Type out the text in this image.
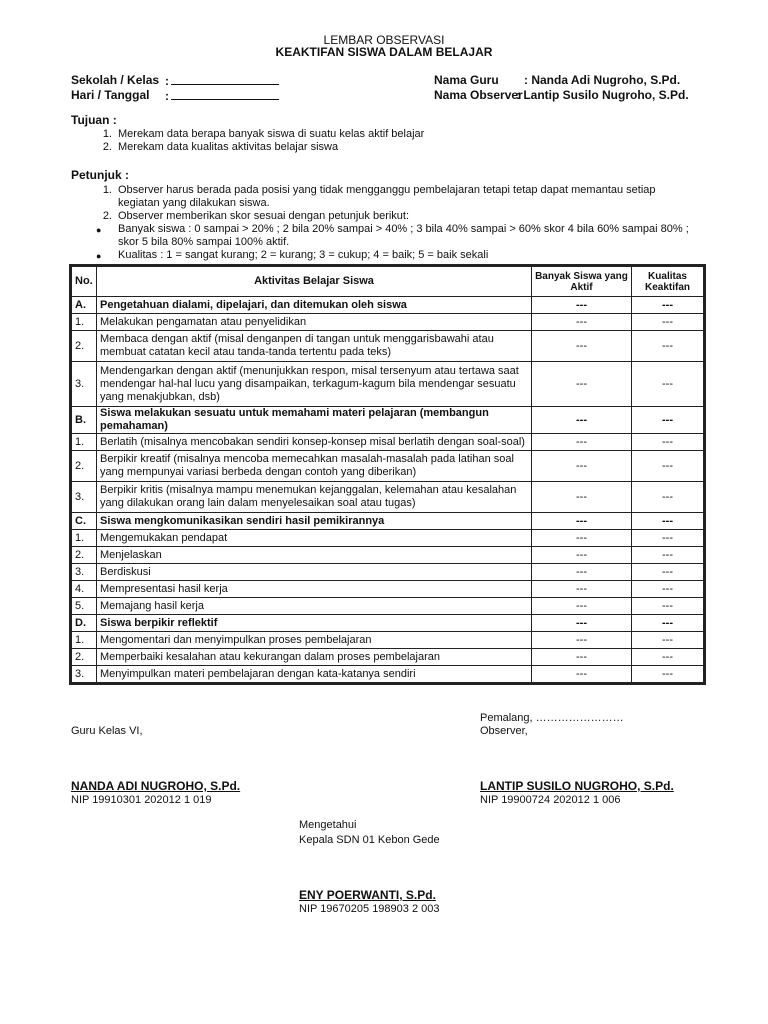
LEMBAR OBSERVASI
KEAKTIFAN SISWA DALAM BELAJAR
Sekolah / Kelas :
Hari / Tanggal :
Nama Guru : Nanda Adi Nugroho, S.Pd.
Nama Observer
: Lantip Susilo Nugroho, S.Pd.
Tujuan :
1. Merekam data berapa banyak siswa di suatu kelas aktif belajar
2. Merekam data kualitas aktivitas belajar siswa
Petunjuk :
1. Observer harus berada pada posisi yang tidak mengganggu pembelajaran tetapi tetap dapat memantau setiap
kegiatan yang dilakukan siswa.
2. Observer memberikan skor sesuai dengan petunjuk berikut:
● Banyak siswa : 0 sampai > 20% ; 2 bila 20% sampai > 40% ; 3 bila 40% sampai > 60% skor 4 bila 60% sampai 80% ;
skor 5 bila 80% sampai 100% aktif.
● Kualitas : 1 = sangat kurang; 2 = kurang; 3 = cukup; 4 = baik; 5 = baik sekali
No.	Aktivitas Belajar Siswa	Banyak Siswa yang Aktif	Kualitas Keaktifan
A.	Pengetahuan dialami, dipelajari, dan ditemukan oleh siswa	---	---
1.	Melakukan pengamatan atau penyelidikan	---	---
2.	Membaca dengan aktif (misal denganpen di tangan untuk menggarisbawahi atau membuat catatan kecil atau tanda-tanda tertentu pada teks)	---	---
3.	Mendengarkan dengan aktif (menunjukkan respon, misal tersenyum atau tertawa saat mendengar hal-hal lucu yang disampaikan, terkagum-kagum bila mendengar sesuatu yang menakjubkan, dsb)	---	---
B.	Siswa melakukan sesuatu untuk memahami materi pelajaran (membangun pemahaman)	---	---
1.	Berlatih (misalnya mencobakan sendiri konsep-konsep misal berlatih dengan soal-soal)	---	---
2.	Berpikir kreatif (misalnya mencoba memecahkan masalah-masalah pada latihan soal yang mempunyai variasi berbeda dengan contoh yang diberikan)	---	---
3.	Berpikir kritis (misalnya mampu menemukan kejanggalan, kelemahan atau kesalahan yang dilakukan orang lain dalam menyelesaikan soal atau tugas)	---	---
C.	Siswa mengkomunikasikan sendiri hasil pemikirannya	---	---
1.	Mengemukakan pendapat	---	---
2.	Menjelaskan	---	---
3.	Berdiskusi	---	---
4.	Mempresentasi hasil kerja	---	---
5.	Memajang hasil kerja	---	---
D.	Siswa berpikir reflektif	---	---
1.	Mengomentari dan menyimpulkan proses pembelajaran	---	---
2.	Memperbaiki kesalahan atau kekurangan dalam proses pembelajaran	---	---
3.	Menyimpulkan materi pembelajaran dengan kata-katanya sendiri	---	---
Pemalang, ……………………
Guru Kelas VI,	Observer,
NANDA ADI NUGROHO, S.Pd.
NIP 19910301 202012 1 019
LANTIP SUSILO NUGROHO, S.Pd.
NIP 19900724 202012 1 006
Mengetahui
Kepala SDN 01 Kebon Gede
ENY POERWANTI, S.Pd.
NIP 19670205 198903 2 003
